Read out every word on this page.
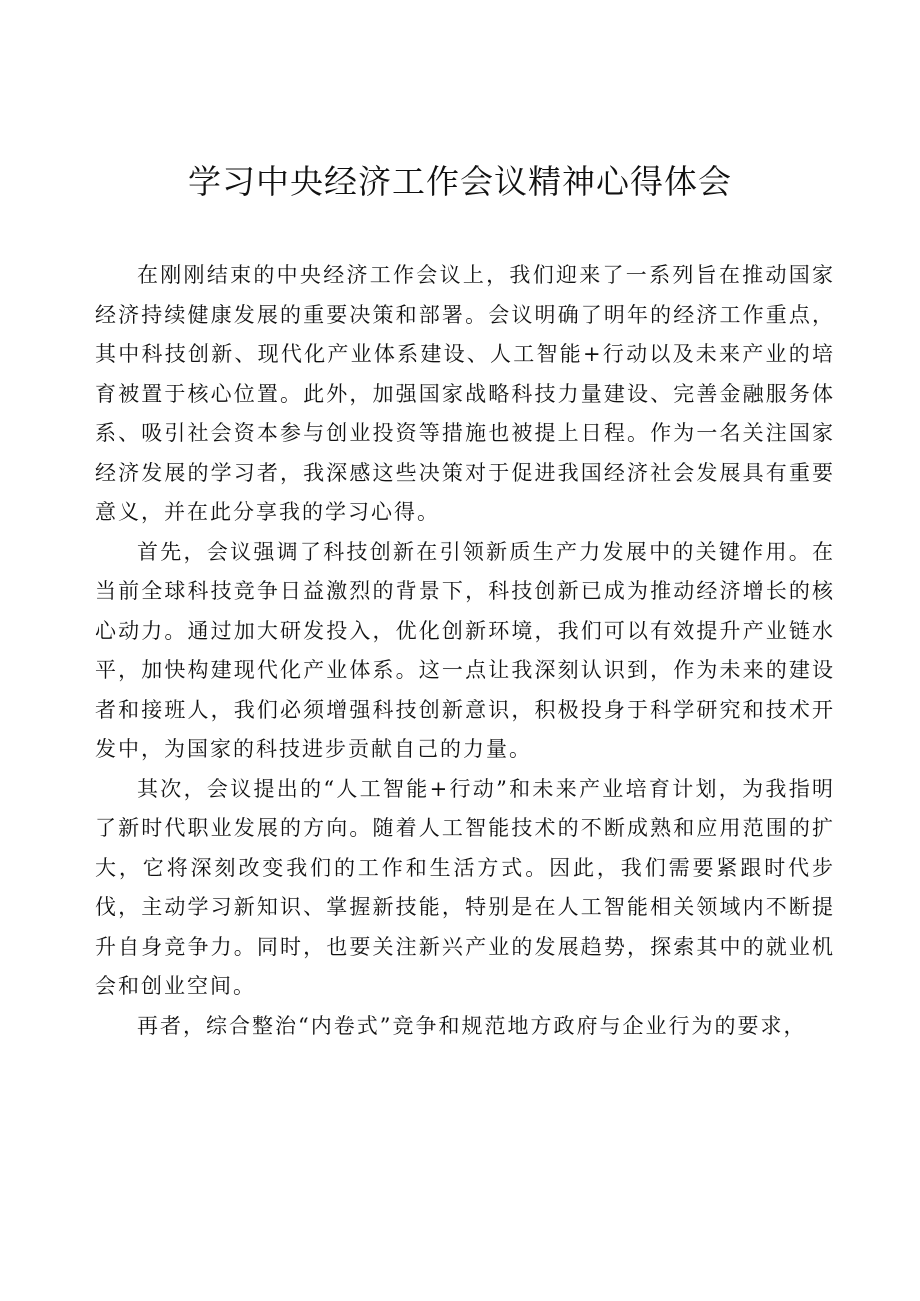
学习中央经济工作会议精神心得体会

在刚刚结束的中央经济工作会议上，我们迎来了一系列旨在推动国家经济持续健康发展的重要决策和部署。会议明确了明年的经济工作重点，其中科技创新、现代化产业体系建设、人工智能+行动以及未来产业的培育被置于核心位置。此外，加强国家战略科技力量建设、完善金融服务体系、吸引社会资本参与创业投资等措施也被提上日程。作为一名关注国家经济发展的学习者，我深感这些决策对于促进我国经济社会发展具有重要意义，并在此分享我的学习心得。

首先，会议强调了科技创新在引领新质生产力发展中的关键作用。在当前全球科技竞争日益激烈的背景下，科技创新已成为推动经济增长的核心动力。通过加大研发投入，优化创新环境，我们可以有效提升产业链水平，加快构建现代化产业体系。这一点让我深刻认识到，作为未来的建设者和接班人，我们必须增强科技创新意识，积极投身于科学研究和技术开发中，为国家的科技进步贡献自己的力量。

其次，会议提出的“人工智能+行动”和未来产业培育计划，为我指明了新时代职业发展的方向。随着人工智能技术的不断成熟和应用范围的扩大，它将深刻改变我们的工作和生活方式。因此，我们需要紧跟时代步伐，主动学习新知识、掌握新技能，特别是在人工智能相关领域内不断提升自身竞争力。同时，也要关注新兴产业的发展趋势，探索其中的就业机会和创业空间。

再者，综合整治“内卷式”竞争和规范地方政府与企业行为的要求，
